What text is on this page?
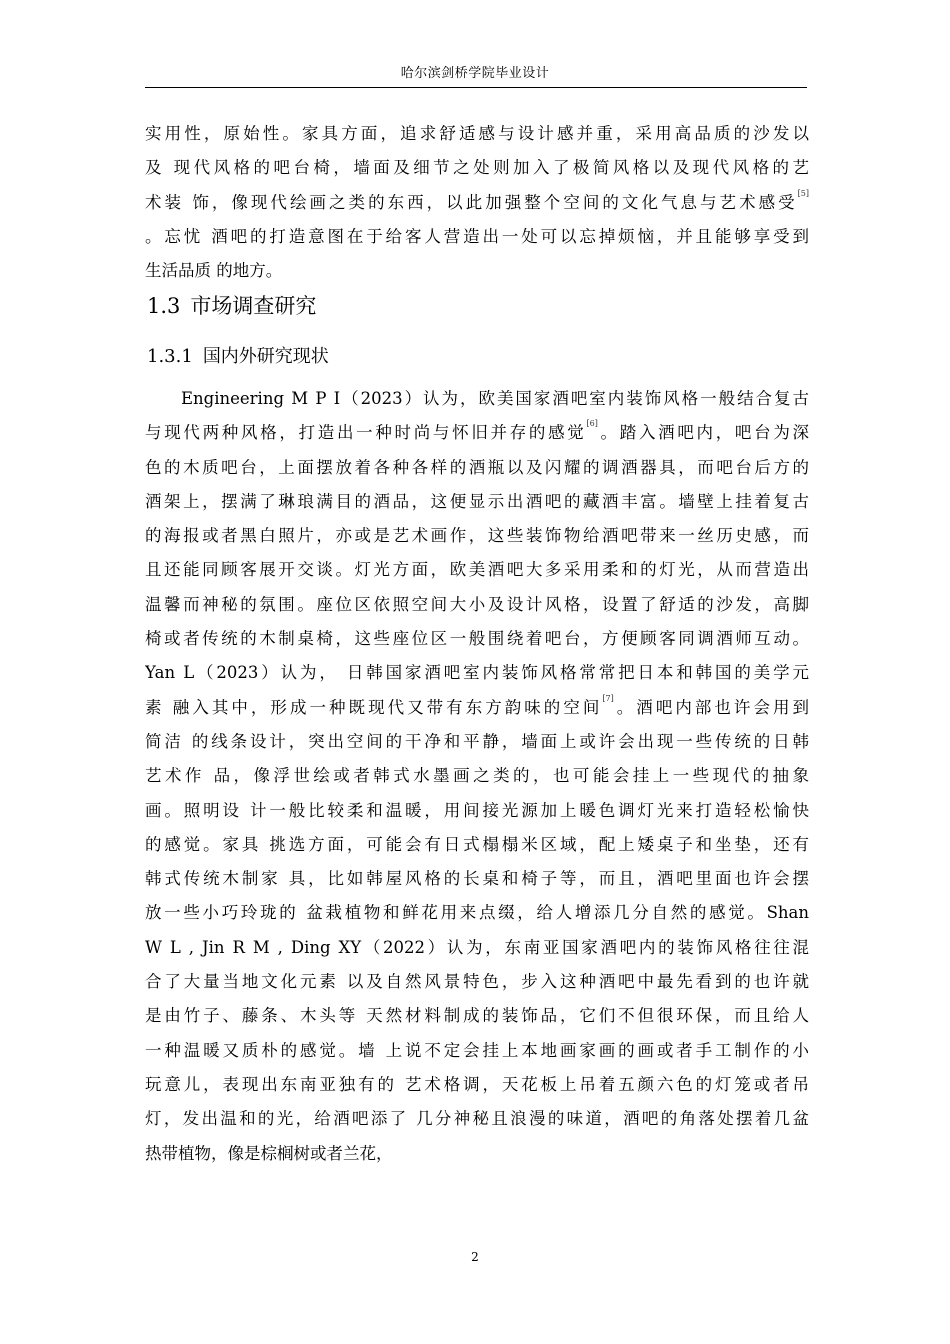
哈尔滨剑桥学院毕业设计
实用性，原始性。家具方面，追求舒适感与设计感并重，采用高品质的沙发以
及 现代风格的吧台椅，墙面及细节之处则加入了极简风格以及现代风格的艺
术装 饰，像现代绘画之类的东西，以此加强整个空间的文化气息与艺术感受[5]
。忘忧 酒吧的打造意图在于给客人营造出一处可以忘掉烦恼，并且能够享受到
生活品质 的地方。
1.3 市场调查研究
1.3.1 国内外研究现状
Engineering M P I（2023）认为，欧美国家酒吧室内装饰风格一般结合复古
与现代两种风格，打造出一种时尚与怀旧并存的感觉[6]。踏入酒吧内，吧台为深
色的木质吧台，上面摆放着各种各样的酒瓶以及闪耀的调酒器具，而吧台后方的
酒架上，摆满了琳琅满目的酒品，这便显示出酒吧的藏酒丰富。墙壁上挂着复古
的海报或者黑白照片，亦或是艺术画作，这些装饰物给酒吧带来一丝历史感，而
且还能同顾客展开交谈。灯光方面，欧美酒吧大多采用柔和的灯光，从而营造出
温馨而神秘的氛围。座位区依照空间大小及设计风格，设置了舒适的沙发，高脚
椅或者传统的木制桌椅，这些座位区一般围绕着吧台，方便顾客同调酒师互动。
Yan L（2023）认为， 日韩国家酒吧室内装饰风格常常把日本和韩国的美学元
素 融入其中，形成一种既现代又带有东方韵味的空间[7]。酒吧内部也许会用到
简洁 的线条设计，突出空间的干净和平静，墙面上或许会出现一些传统的日韩
艺术作 品，像浮世绘或者韩式水墨画之类的，也可能会挂上一些现代的抽象
画。照明设 计一般比较柔和温暖，用间接光源加上暖色调灯光来打造轻松愉快
的感觉。家具 挑选方面，可能会有日式榻榻米区域，配上矮桌子和坐垫，还有
韩式传统木制家 具，比如韩屋风格的长桌和椅子等，而且，酒吧里面也许会摆
放一些小巧玲珑的 盆栽植物和鲜花用来点缀，给人增添几分自然的感觉。Shan
W L , Jin R M , Ding XY（2022）认为，东南亚国家酒吧内的装饰风格往往混
合了大量当地文化元素 以及自然风景特色，步入这种酒吧中最先看到的也许就
是由竹子、藤条、木头等 天然材料制成的装饰品，它们不但很环保，而且给人
一种温暖又质朴的感觉。墙 上说不定会挂上本地画家画的画或者手工制作的小
玩意儿，表现出东南亚独有的 艺术格调，天花板上吊着五颜六色的灯笼或者吊
灯，发出温和的光，给酒吧添了 几分神秘且浪漫的味道，酒吧的角落处摆着几盆
热带植物，像是棕榈树或者兰花，
2
